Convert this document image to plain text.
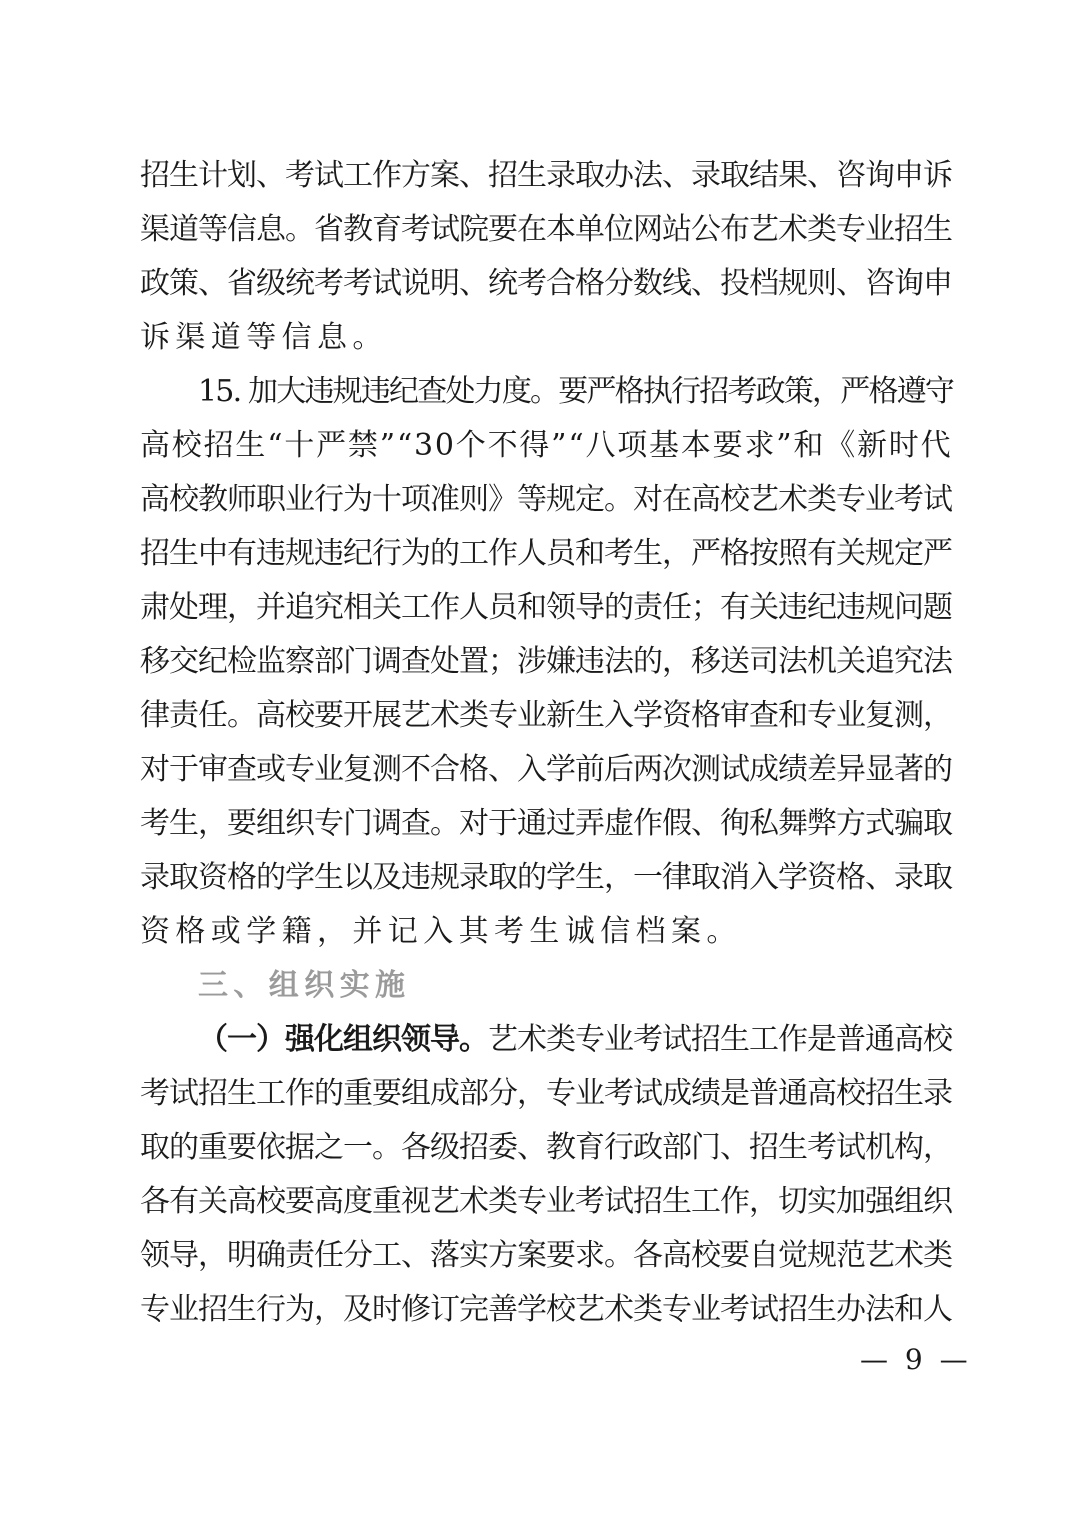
招生计划、考试工作方案、招生录取办法、录取结果、咨询申诉
渠道等信息。省教育考试院要在本单位网站公布艺术类专业招生
政策、省级统考考试说明、统考合格分数线、投档规则、咨询申
诉渠道等信息。
15. 加大违规违纪查处力度。要严格执行招考政策，严格遵守
高校招生“十严禁”“30个不得”“八项基本要求”和《新时代
高校教师职业行为十项准则》等规定。对在高校艺术类专业考试
招生中有违规违纪行为的工作人员和考生，严格按照有关规定严
肃处理，并追究相关工作人员和领导的责任；有关违纪违规问题
移交纪检监察部门调查处置；涉嫌违法的，移送司法机关追究法
律责任。高校要开展艺术类专业新生入学资格审查和专业复测，
对于审查或专业复测不合格、入学前后两次测试成绩差异显著的
考生，要组织专门调查。对于通过弄虚作假、徇私舞弊方式骗取
录取资格的学生以及违规录取的学生，一律取消入学资格、录取
资格或学籍，并记入其考生诚信档案。
三、组织实施
（一）强化组织领导。艺术类专业考试招生工作是普通高校
考试招生工作的重要组成部分，专业考试成绩是普通高校招生录
取的重要依据之一。各级招委、教育行政部门、招生考试机构，
各有关高校要高度重视艺术类专业考试招生工作，切实加强组织
领导，明确责任分工、落实方案要求。各高校要自觉规范艺术类
专业招生行为，及时修订完善学校艺术类专业考试招生办法和人
— 9 —
